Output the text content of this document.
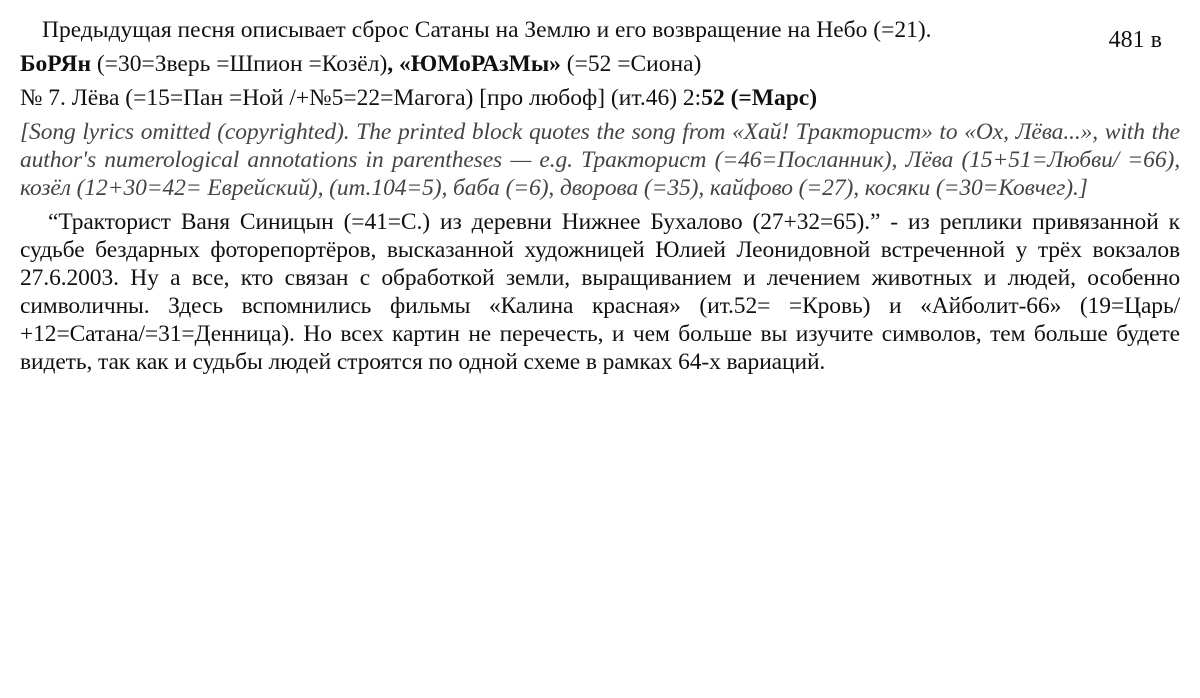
481 в

Предыдущая песня описывает сброс Сатаны на Землю и его возвращение на Небо (=21).

БоРЯн (=30=Зверь =Шпион =Козёл), «ЮМоРАзМы» (=52 =Сиона)

№ 7. Лёва (=15=Пан =Ной /+№5=22=Магога) [про любоф] (ит.46) 2:52 (=Марс)

[Song lyrics omitted (copyrighted). The printed block quotes the song from «Хай! Тракторист» to «Ох, Лёва...», with the author's numerological annotations in parentheses — e.g. Тракторист (=46=Посланник), Лёва (15+51=Любви/ =66), козёл (12+30=42= Еврейский), (ит.104=5), баба (=6), дворова (=35), кайфово (=27), косяки (=30=Ковчег).]

“Тракторист Ваня Синицын (=41=С.) из деревни Нижнее Бухалово (27+32=65).” - из реплики привязанной к судьбе бездарных фоторепортёров, высказанной художницей Юлией Леонидовной встреченной у трёх вокзалов 27.6.2003. Ну а все, кто связан с обработкой земли, выращиванием и лечением животных и людей, особенно символичны. Здесь вспомнились фильмы «Калина красная» (ит.52= =Кровь) и «Айболит-66» (19=Царь/ +12=Сатана/=31=Денница). Но всех картин не перечесть, и чем больше вы изучите символов, тем больше будете видеть, так как и судьбы людей строятся по одной схеме в рамках 64-х вариаций.
